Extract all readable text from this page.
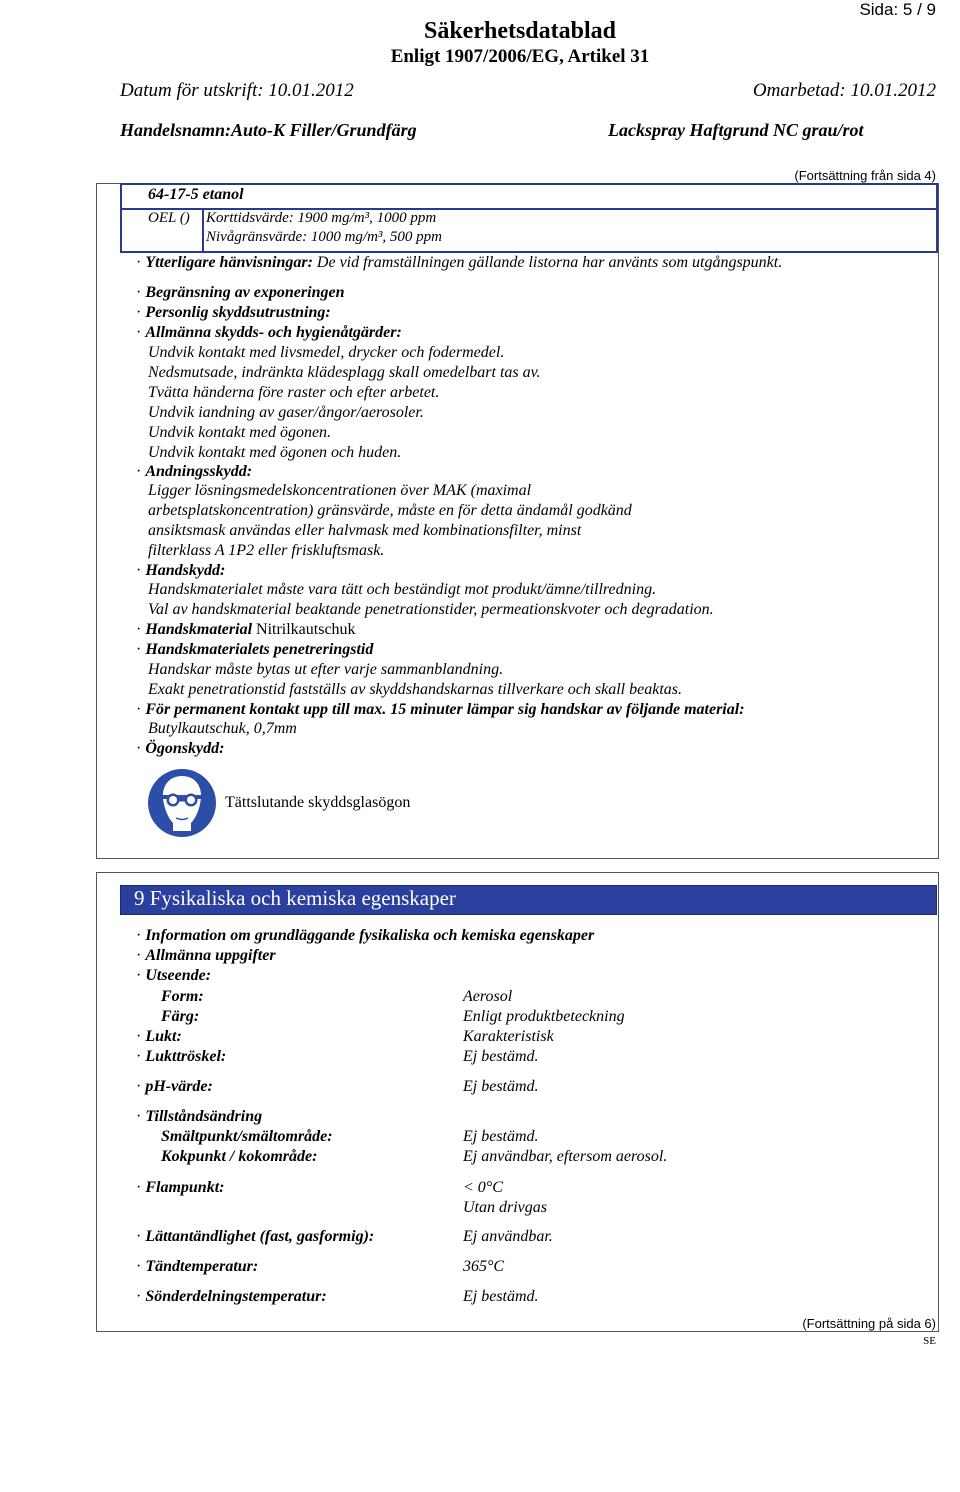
Sida: 5 / 9
Säkerhetsdatablad
Enligt 1907/2006/EG, Artikel 31
Datum för utskrift: 10.01.2012	Omarbetad: 10.01.2012
Handelsnamn:Auto-K Filler/Grundfärg	Lackspray Haftgrund NC grau/rot
(Fortsättning från sida 4)
64-17-5 etanol
OEL () Korttidsvärde: 1900 mg/m³, 1000 ppm
Nivågränsvärde: 1000 mg/m³, 500 ppm
· Ytterligare hänvisningar: De vid framställningen gällande listorna har använts som utgångspunkt.
· Begränsning av exponeringen
· Personlig skyddsutrustning:
· Allmänna skydds- och hygienåtgärder:
Undvik kontakt med livsmedel, drycker och fodermedel.
Nedsmutsade, indränkta klädesplagg skall omedelbart tas av.
Tvätta händerna före raster och efter arbetet.
Undvik iandning av gaser/ångor/aerosoler.
Undvik kontakt med ögonen.
Undvik kontakt med ögonen och huden.
· Andningsskydd:
Ligger lösningsmedelskoncentrationen över MAK (maximal
arbetsplatskoncentration) gränsvärde, måste en för detta ändamål godkänd
ansiktsmask användas eller halvmask med kombinationsfilter, minst
filterklass A 1P2 eller friskluftsmask.
· Handskydd:
Handskmaterialet måste vara tätt och beständigt mot produkt/ämne/tillredning.
Val av handskmaterial beaktande penetrationstider, permeationskvoter och degradation.
· Handskmaterial Nitrilkautschuk
· Handskmaterialets penetreringstid
Handskar måste bytas ut efter varje sammanblandning.
Exakt penetrationstid fastställs av skyddshandskarnas tillverkare och skall beaktas.
· För permanent kontakt upp till max. 15 minuter lämpar sig handskar av följande material:
Butylkautschuk, 0,7mm
· Ögonskydd:
Tättslutande skyddsglasögon
9 Fysikaliska och kemiska egenskaper
· Information om grundläggande fysikaliska och kemiska egenskaper
· Allmänna uppgifter
· Utseende:
Form:	Aerosol
Färg:	Enligt produktbeteckning
· Lukt:	Karakteristisk
· Lukttröskel:	Ej bestämd.
· pH-värde:	Ej bestämd.
· Tillståndsändring
Smältpunkt/smältområde:	Ej bestämd.
Kokpunkt / kokområde:	Ej användbar, eftersom aerosol.
· Flampunkt:	< 0°C
Utan drivgas
· Lättantändlighet (fast, gasformig):	Ej användbar.
· Tändtemperatur:	365°C
· Sönderdelningstemperatur:	Ej bestämd.
(Fortsättning på sida 6)
SE
